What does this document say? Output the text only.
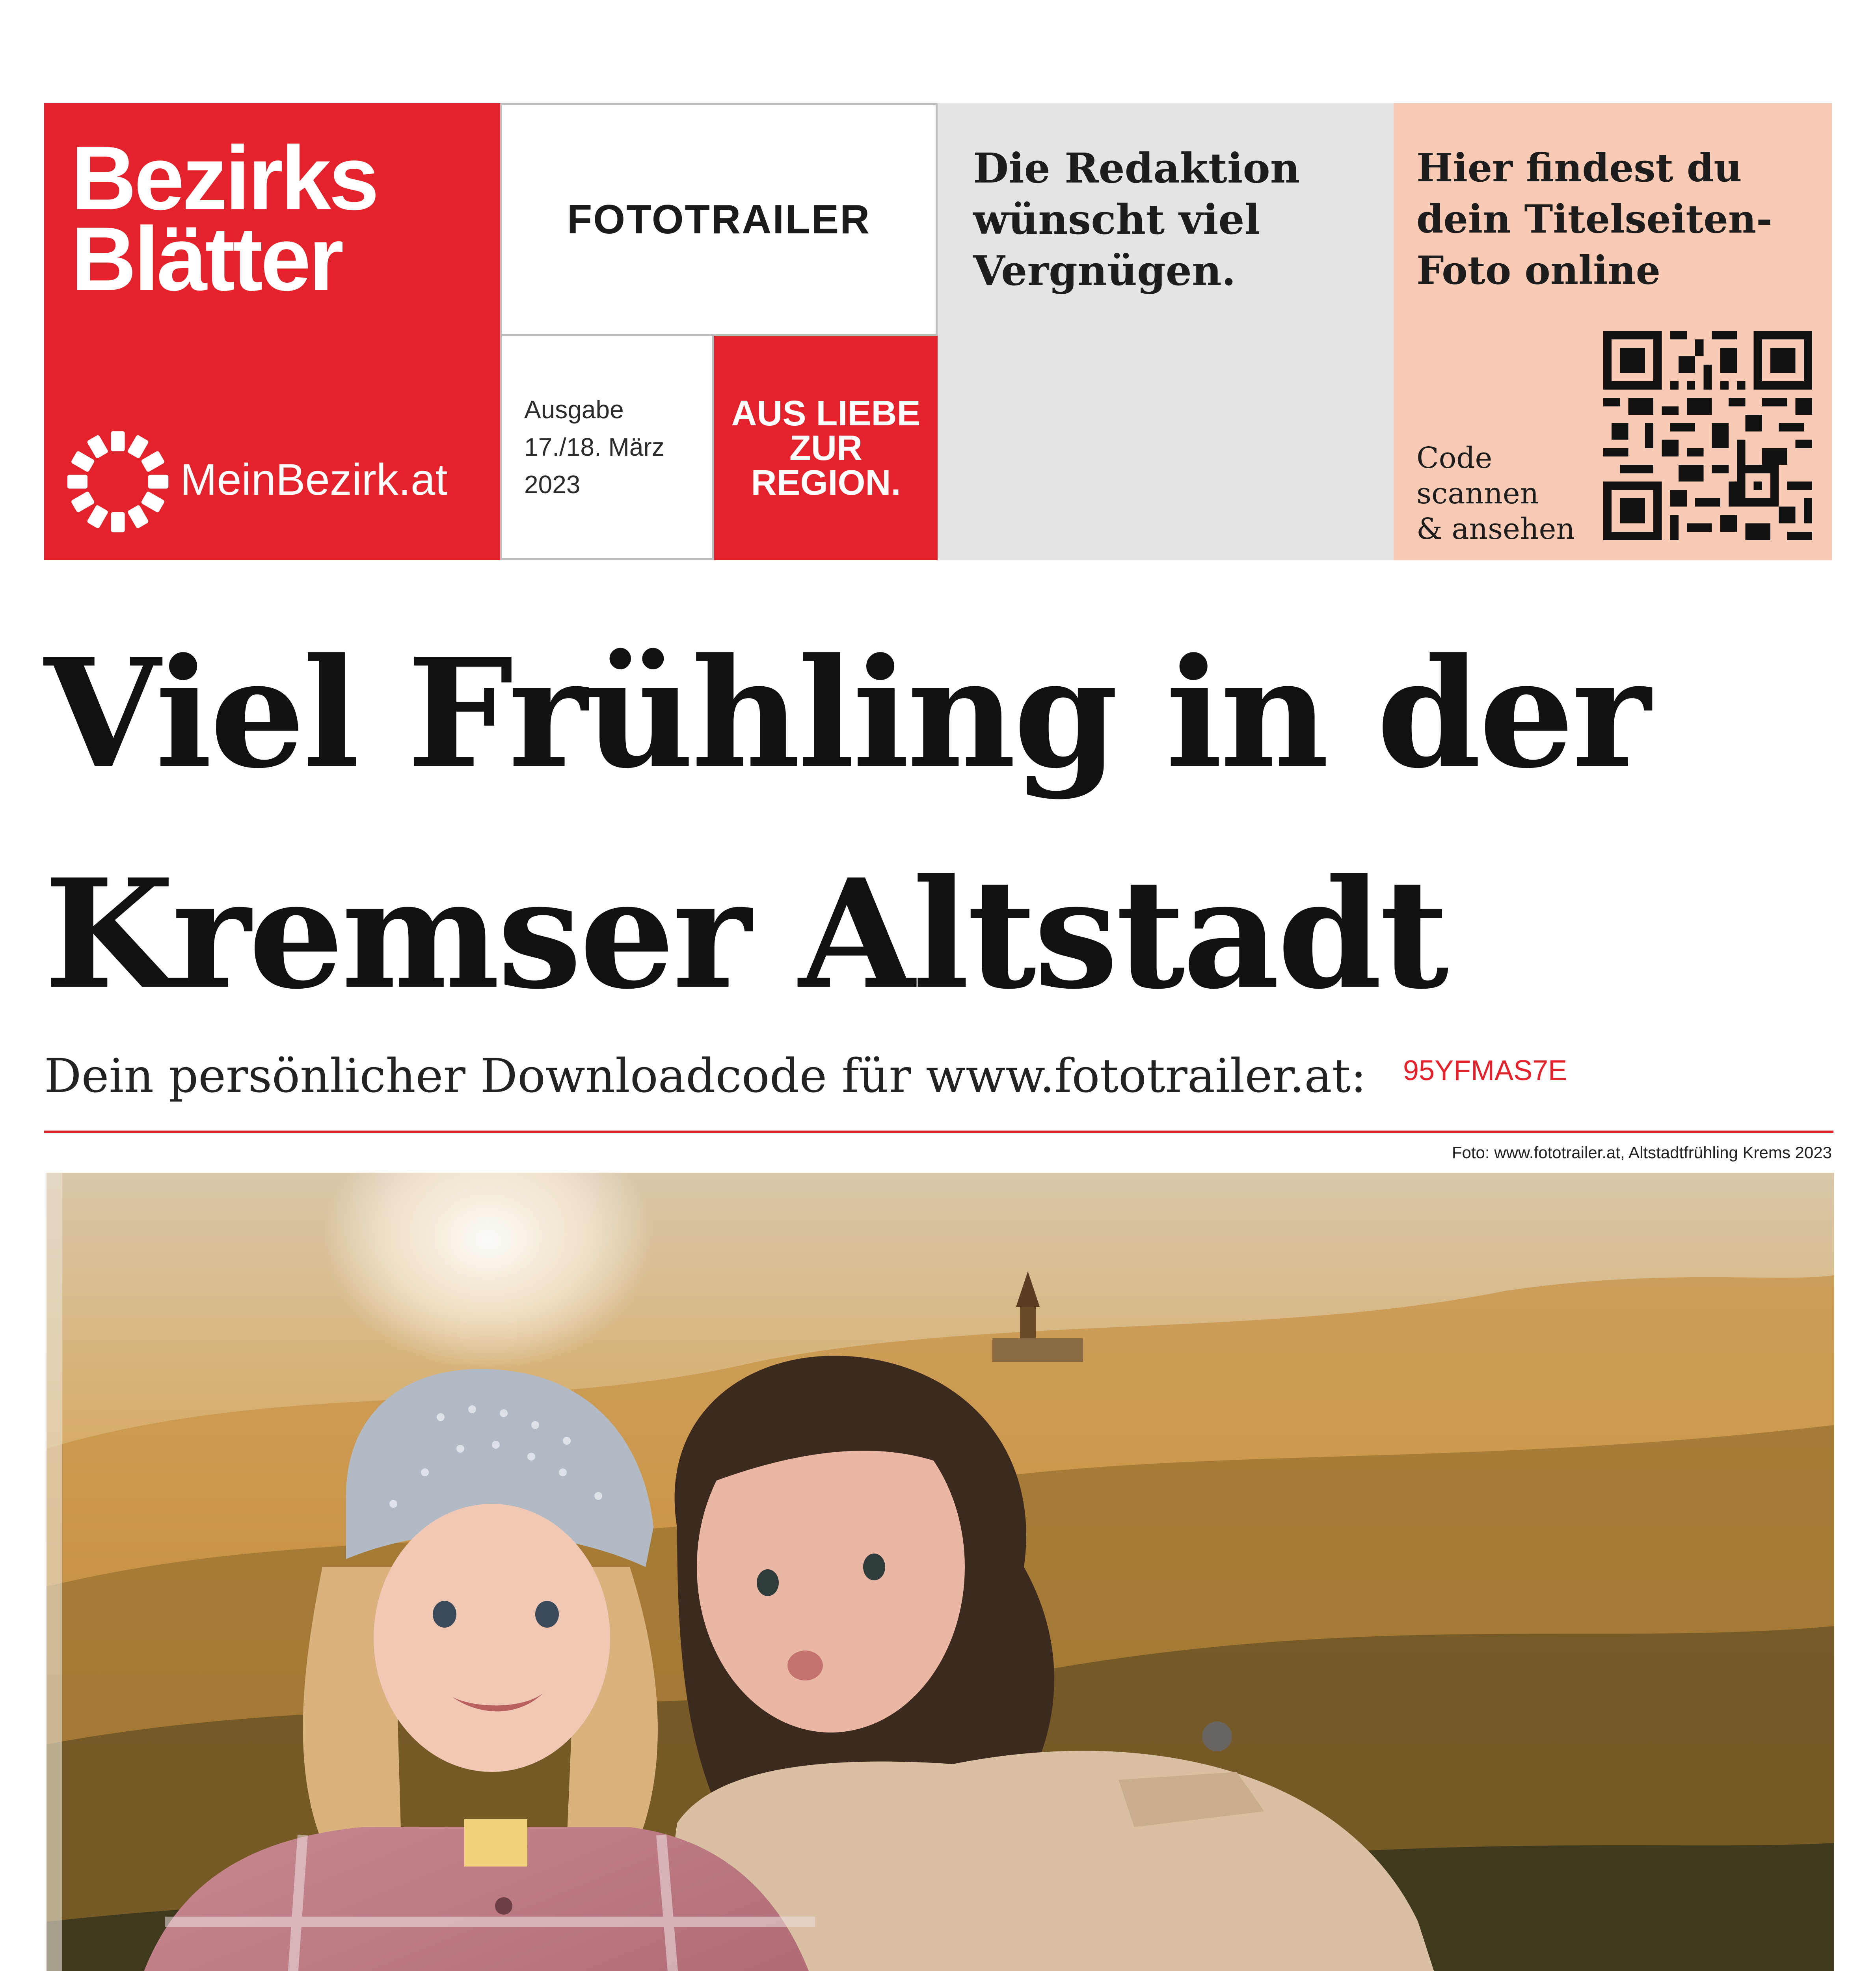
Bezirks
Blätter
MeinBezirk.at
FOTOTRAILER
Ausgabe
17./18. März
2023
AUS LIEBE
ZUR
REGION.
Die Redaktion
wünscht viel
Vergnügen.
Hier findest du
dein Titelseiten-
Foto online
Code
scannen
& ansehen
Viel Frühling in der
Kremser Altstadt
Dein persönlicher Downloadcode für www.fototrailer.at: 95YFMAS7E
Foto: www.fototrailer.at, Altstadtfrühling Krems 2023
